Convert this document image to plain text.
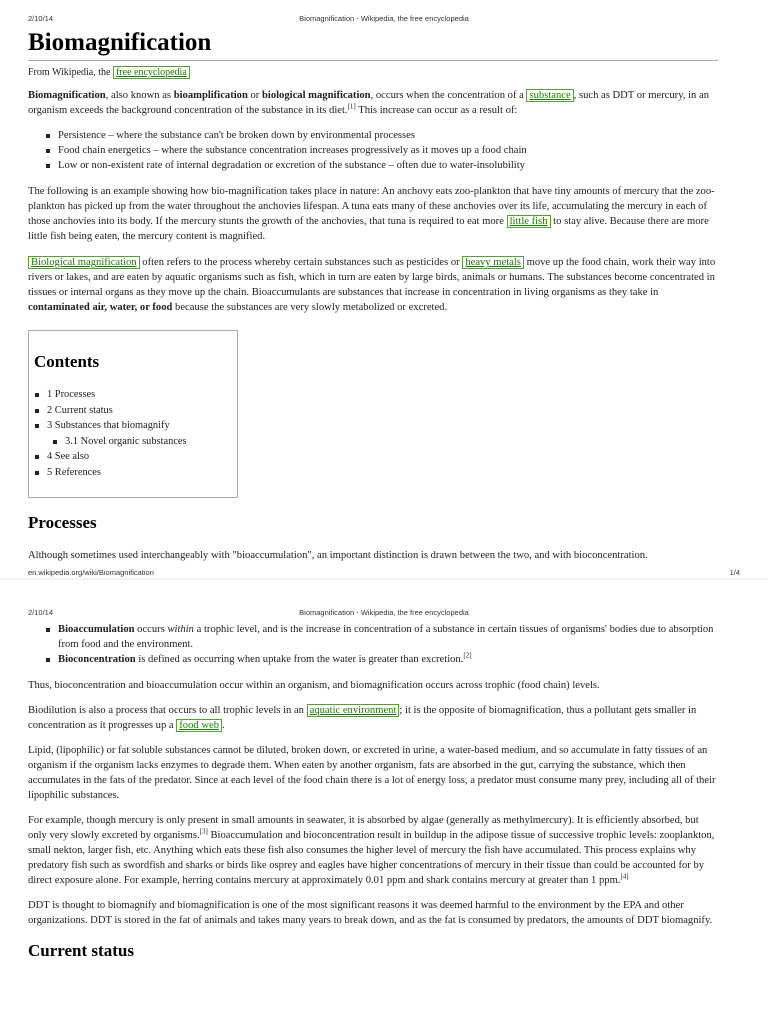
2/10/14	Biomagnification - Wikipedia, the free encyclopedia
Biomagnification

From Wikipedia, the free encyclopedia

Biomagnification, also known as bioamplification or biological magnification, occurs when the concentration of a substance , such as DDT or mercury, in an organism exceeds the background concentration of the substance in its diet.[1] This increase can occur as a result of:

Persistence – where the substance can't be broken down by environmental processes
Food chain energetics – where the substance concentration increases progressively as it moves up a food chain
Low or non-existent rate of internal degradation or excretion of the substance – often due to water-insolubility

The following is an example showing how bio-magnification takes place in nature: An anchovy eats zoo-plankton that have tiny amounts of mercury that the zoo-plankton has picked up from the water throughout the anchovies lifespan. A tuna eats many of these anchovies over its life, accumulating the mercury in each of those anchovies into its body. If the mercury stunts the growth of the anchovies, that tuna is required to eat more little fish to stay alive. Because there are more little fish being eaten, the mercury content is magnified.

Biological magnification often refers to the process whereby certain substances such as pesticides or heavy metals move up the food chain, work their way into rivers or lakes, and are eaten by aquatic organisms such as fish, which in turn are eaten by large birds, animals or humans. The substances become concentrated in tissues or internal organs as they move up the chain. Bioaccumulants are substances that increase in concentration in living organisms as they take in contaminated air, water, or food because the substances are very slowly metabolized or excreted.

Contents
1 Processes
2 Current status
3 Substances that biomagnify
3.1 Novel organic substances
4 See also
5 References
Processes

Although sometimes used interchangeably with "bioaccumulation", an important distinction is drawn between the two, and with bioconcentration.

en.wikipedia.org/wiki/Biomagnification	1/4
2/10/14	Biomagnification - Wikipedia, the free encyclopedia
Bioaccumulation occurs within a trophic level, and is the increase in concentration of a substance in certain tissues of organisms' bodies due to absorption from food and the environment.
Bioconcentration is defined as occurring when uptake from the water is greater than excretion.[2]

Thus, bioconcentration and bioaccumulation occur within an organism, and biomagnification occurs across trophic (food chain) levels.

Biodilution is also a process that occurs to all trophic levels in an aquatic environment ; it is the opposite of biomagnification, thus a pollutant gets smaller in concentration as it progresses up a food web .

Lipid, (lipophilic) or fat soluble substances cannot be diluted, broken down, or excreted in urine, a water-based medium, and so accumulate in fatty tissues of an organism if the organism lacks enzymes to degrade them. When eaten by another organism, fats are absorbed in the gut, carrying the substance, which then accumulates in the fats of the predator. Since at each level of the food chain there is a lot of energy loss, a predator must consume many prey, including all of their lipophilic substances.

For example, though mercury is only present in small amounts in seawater, it is absorbed by algae (generally as methylmercury). It is efficiently absorbed, but only very slowly excreted by organisms.[3] Bioaccumulation and bioconcentration result in buildup in the adipose tissue of successive trophic levels: zooplankton, small nekton, larger fish, etc. Anything which eats these fish also consumes the higher level of mercury the fish have accumulated. This process explains why predatory fish such as swordfish and sharks or birds like osprey and eagles have higher concentrations of mercury in their tissue than could be accounted for by direct exposure alone. For example, herring contains mercury at approximately 0.01 ppm and shark contains mercury at greater than 1 ppm.[4]

DDT is thought to biomagnify and biomagnification is one of the most significant reasons it was deemed harmful to the environment by the EPA and other organizations. DDT is stored in the fat of animals and takes many years to break down, and as the fat is consumed by predators, the amounts of DDT biomagnify.

Current status
